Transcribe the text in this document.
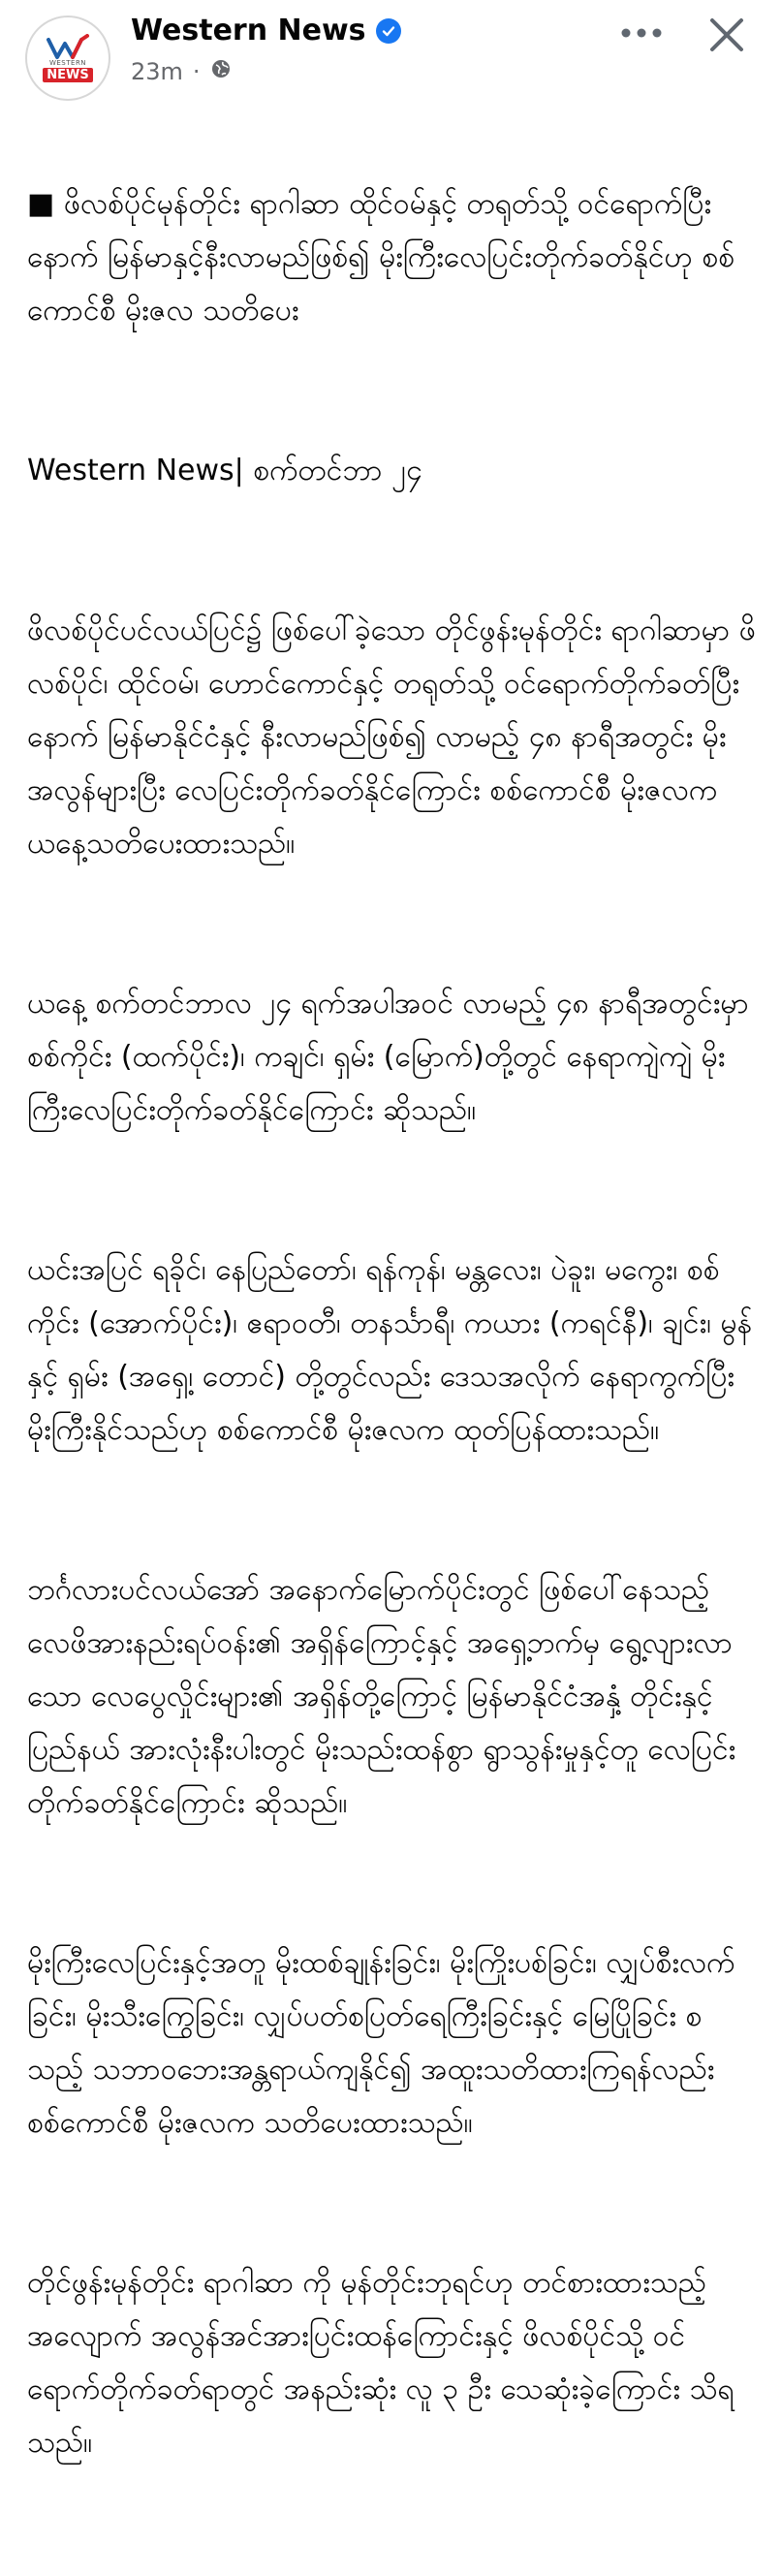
WESTERN
NEWS
Western News
23m ·

■ ဖိလစ်ပိုင်မုန်တိုင်း ရာဂါဆာ ထိုင်ဝမ်နှင့် တရုတ်သို့ ဝင်ရောက်ပြီးနောက် မြန်မာနှင့်နီးလာမည်ဖြစ်၍ မိုးကြီးလေပြင်းတိုက်ခတ်နိုင်ဟု စစ်ကောင်စီ မိုးဇလ သတိပေး

Western News| စက်တင်ဘာ ၂၄

ဖိလစ်ပိုင်ပင်လယ်ပြင်၌ ဖြစ်ပေါ်ခဲ့သော တိုင်ဖွန်းမုန်တိုင်း ရာဂါဆာမှာ ဖိလစ်ပိုင်၊ ထိုင်ဝမ်၊ ဟောင်ကောင်နှင့် တရုတ်သို့ ဝင်ရောက်တိုက်ခတ်ပြီးနောက် မြန်မာနိုင်ငံနှင့် နီးလာမည်ဖြစ်၍ လာမည့် ၄၈ နာရီအတွင်း မိုးအလွန်များပြီး လေပြင်းတိုက်ခတ်နိုင်ကြောင်း စစ်ကောင်စီ မိုးဇလက ယနေ့သတိပေးထားသည်။

ယနေ့ စက်တင်ဘာလ ၂၄ ရက်အပါအဝင် လာမည့် ၄၈ နာရီအတွင်းမှာ စစ်ကိုင်း (ထက်ပိုင်း)၊ ကချင်၊ ရှမ်း (မြောက်)တို့တွင် နေရာကျဲကျဲ မိုးကြီးလေပြင်းတိုက်ခတ်နိုင်ကြောင်း ဆိုသည်။

ယင်းအပြင် ရခိုင်၊ နေပြည်တော်၊ ရန်ကုန်၊ မန္တလေး၊ ပဲခူး၊ မကွေး၊ စစ်ကိုင်း (အောက်ပိုင်း)၊ ဧရာဝတီ၊ တနင်္သာရီ၊ ကယား (ကရင်နီ)၊ ချင်း၊ မွန်နှင့် ရှမ်း (အရှေ့၊ တောင်) တို့တွင်လည်း ဒေသအလိုက် နေရာကွက်ပြီး မိုးကြီးနိုင်သည်ဟု စစ်ကောင်စီ မိုးဇလက ထုတ်ပြန်ထားသည်။

ဘင်္ဂလားပင်လယ်အော် အနောက်မြောက်ပိုင်းတွင် ဖြစ်ပေါ်နေသည့် လေဖိအားနည်းရပ်ဝန်း၏ အရှိန်ကြောင့်နှင့် အရှေ့ဘက်မှ ရွေ့လျားလာသော လေပွေလှိုင်းများ၏ အရှိန်တို့ကြောင့် မြန်မာနိုင်ငံအနှံ့ တိုင်းနှင့်ပြည်နယ် အားလုံးနီးပါးတွင် မိုးသည်းထန်စွာ ရွာသွန်းမှုနှင့်တူ လေပြင်းတိုက်ခတ်နိုင်ကြောင်း ဆိုသည်။

မိုးကြီးလေပြင်းနှင့်အတူ မိုးထစ်ချုန်းခြင်း၊ မိုးကြိုးပစ်ခြင်း၊ လျှပ်စီးလက်ခြင်း၊ မိုးသီးကြွေခြင်း၊ လျှပ်ပတ်စပြတ်ရေကြီးခြင်းနှင့် မြေပြိုခြင်း စသည့် သဘာဝဘေးအန္တရာယ်ကျနိုင်၍ အထူးသတိထားကြရန်လည်း စစ်ကောင်စီ မိုးဇလက သတိပေးထားသည်။

တိုင်ဖွန်းမုန်တိုင်း ရာဂါဆာ ကို မုန်တိုင်းဘုရင်ဟု တင်စားထားသည့်အလျောက် အလွန်အင်အားပြင်းထန်ကြောင်းနှင့် ဖိလစ်ပိုင်သို့ ဝင်ရောက်တိုက်ခတ်ရာတွင် အနည်းဆုံး လူ ၃ ဦး သေဆုံးခဲ့ကြောင်း သိရသည်။
